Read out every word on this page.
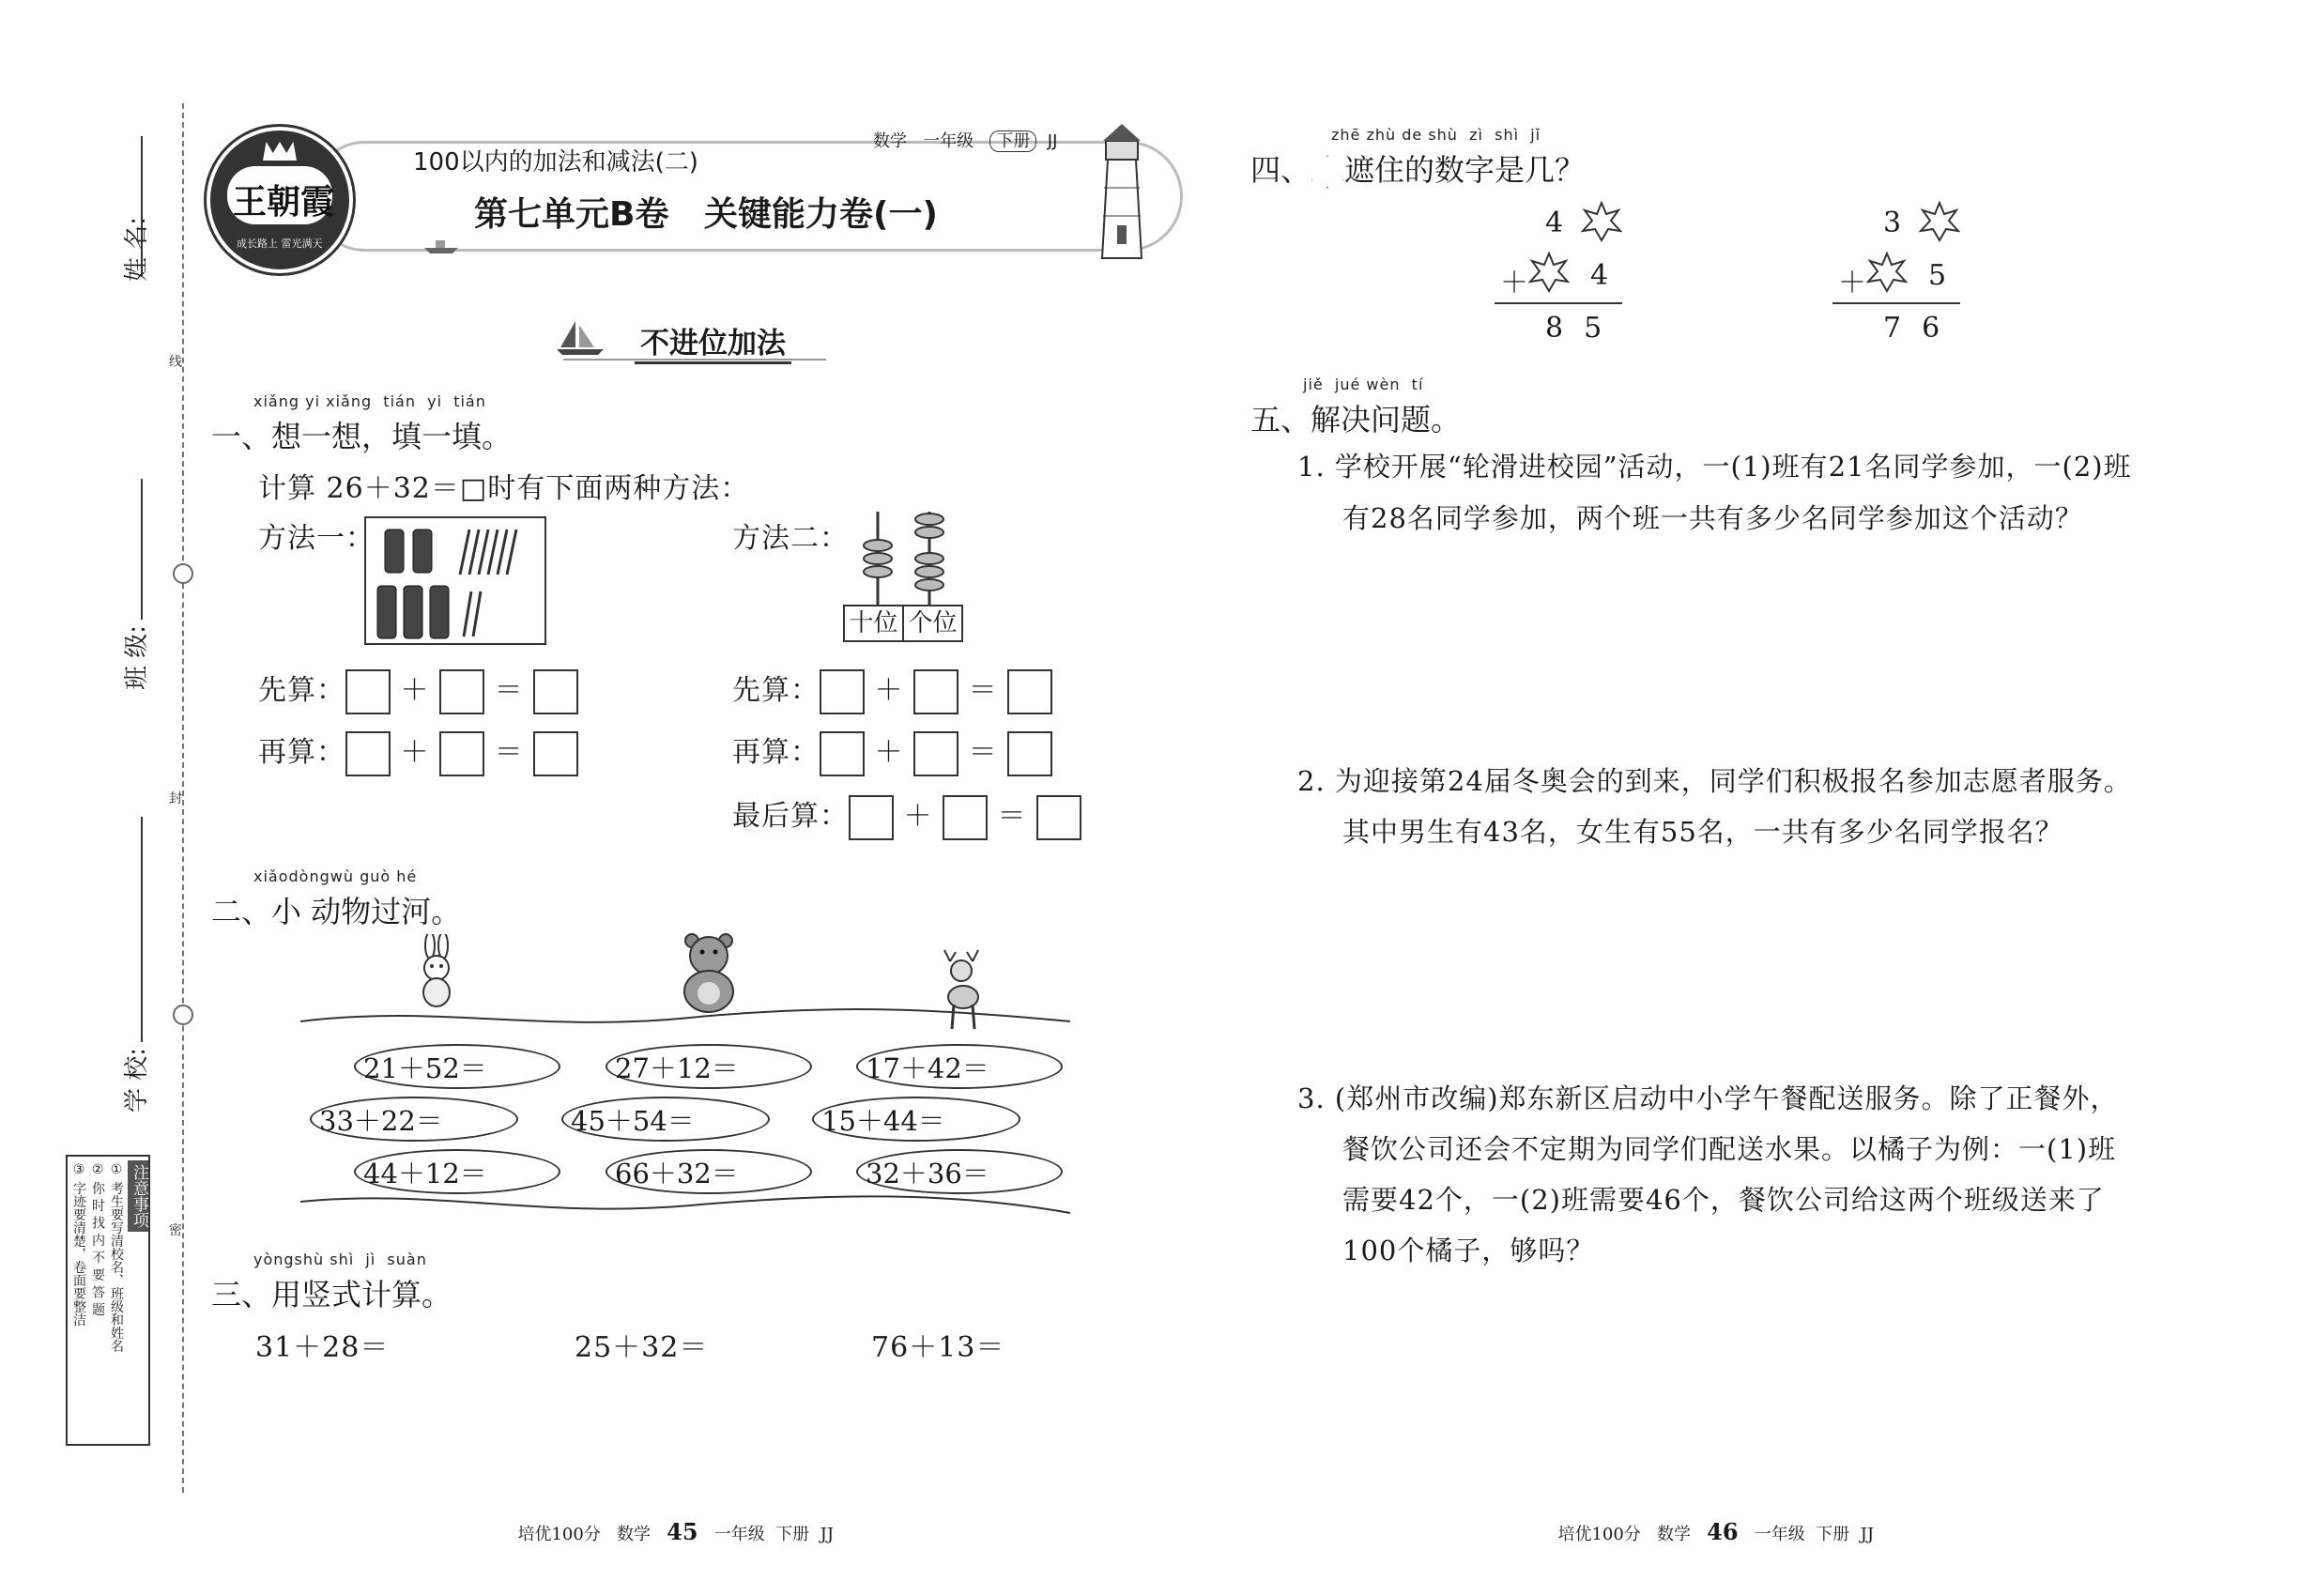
线
封
密
姓 名:
班 级:
学 校:
注意事项
① 考生要写清校名、班级和姓名
② 你 时 找 内 不 要 答 题
③ 字迹要清楚，卷面要整洁
王朝霞
成长路上 雷光满天
100以内的加法和减法(二)
数学 一年级 下册 JJ
第七单元B卷   关键能力卷(一)
不进位加法
xiǎng yi xiǎng  tián  yi  tián
一、想一想，填一填。
计算 26＋32＝□时有下面两种方法：
方法一：	方法二：
十位 个位
先算： ＋  ＝
再算： ＋  ＝
先算： ＋  ＝
再算： ＋  ＝
最后算： ＋  ＝
xiǎodòngwù guò hé
二、小 动物过河。
21＋52＝	27＋12＝	17＋42＝
33＋22＝	45＋54＝	15＋44＝
44＋12＝	66＋32＝	32＋36＝
yòngshù shì  jì  suàn
三、用竖式计算。
31＋28＝	25＋32＝	76＋13＝
zhē zhù de shù  zì  shì  jǐ
四、 遮住的数字是几？
4
＋ 4
8  5
3
＋ 5
7  6
jiě  jué wèn  tí
五、解决问题。
1. 学校开展“轮滑进校园”活动，一(1)班有21名同学参加，一(2)班
有28名同学参加，两个班一共有多少名同学参加这个活动？
2. 为迎接第24届冬奥会的到来，同学们积极报名参加志愿者服务。
其中男生有43名，女生有55名，一共有多少名同学报名？
3. (郑州市改编)郑东新区启动中小学午餐配送服务。除了正餐外，
餐饮公司还会不定期为同学们配送水果。以橘子为例：一(1)班
需要42个，一(2)班需要46个，餐饮公司给这两个班级送来了
100个橘子，够吗？

培优100分 数学 45 一年级 下册 JJ	培优100分 数学 46 一年级 下册 JJ
